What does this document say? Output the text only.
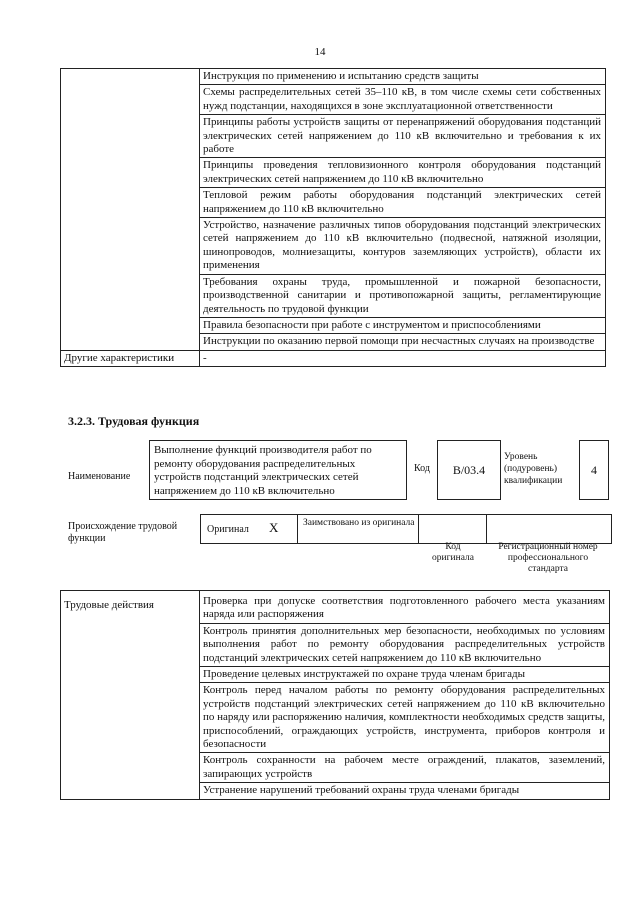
14
	Инструкция по применению и испытанию средств защиты
	Схемы распределительных сетей 35–110 кВ, в том числе схемы сети собственных нужд подстанции, находящихся в зоне эксплуатационной ответственности
	Принципы работы устройств защиты от перенапряжений оборудования подстанций электрических сетей напряжением до 110 кВ включительно и требования к их работе
	Принципы проведения тепловизионного контроля оборудования подстанций электрических сетей напряжением до 110 кВ включительно
	Тепловой режим работы оборудования подстанций электрических сетей напряжением до 110 кВ включительно
	Устройство, назначение различных типов оборудования подстанций электрических сетей напряжением до 110 кВ включительно (подвесной, натяжной изоляции, шинопроводов, молниезащиты, контуров заземляющих устройств), области их применения
	Требования охраны труда, промышленной и пожарной безопасности, производственной санитарии и противопожарной защиты, регламентирующие деятельность по трудовой функции
	Правила безопасности при работе с инструментом и приспособлениями
	Инструкции по оказанию первой помощи при несчастных случаях на производстве
Другие характеристики	-
3.2.3. Трудовая функция
Наименование
Выполнение функций производителя работ по ремонту оборудования распределительных устройств подстанций электрических сетей напряжением до 110 кВ включительно
Код	B/03.4
Уровень (подуровень) квалификации
4
Происхождение трудовой функции
Оригинал X	Заимствовано из оригинала
Код оригинала
Регистрационный номер профессионального стандарта
Трудовые действия	Проверка при допуске соответствия подготовленного рабочего места указаниям наряда или распоряжения
Контроль принятия дополнительных мер безопасности, необходимых по условиям выполнения работ по ремонту оборудования распределительных устройств подстанций электрических сетей напряжением до 110 кВ включительно
Проведение целевых инструктажей по охране труда членам бригады
Контроль перед началом работы по ремонту оборудования распределительных устройств подстанций электрических сетей напряжением до 110 кВ включительно по наряду или распоряжению наличия, комплектности необходимых средств защиты, приспособлений, ограждающих устройств, инструмента, приборов контроля и безопасности
Контроль сохранности на рабочем месте ограждений, плакатов, заземлений, запирающих устройств
Устранение нарушений требований охраны труда членами бригады
